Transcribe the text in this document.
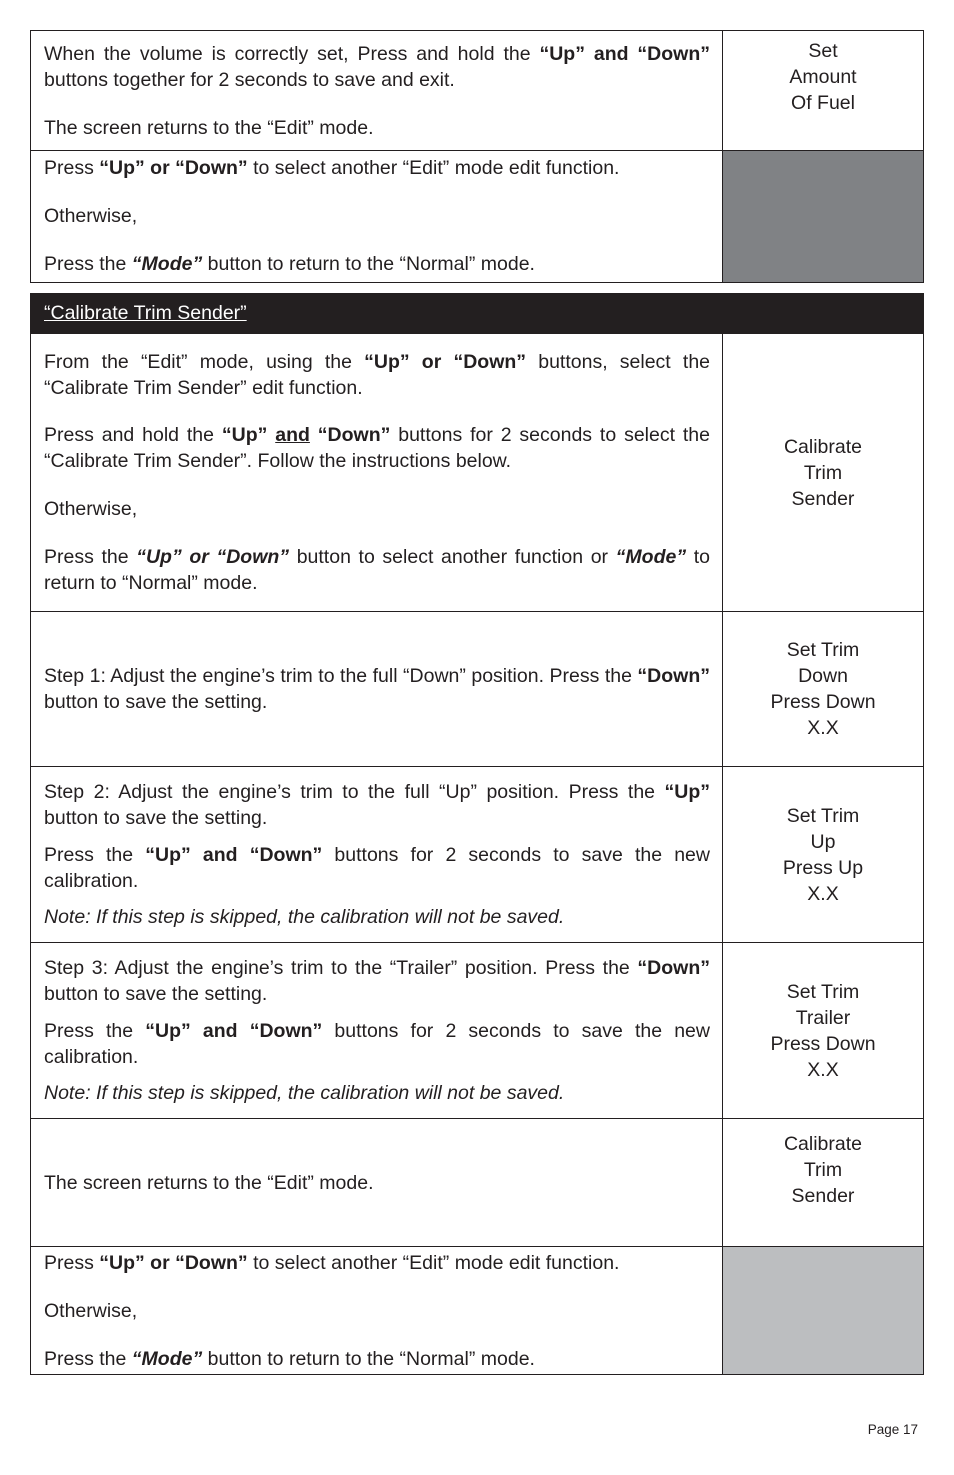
When the volume is correctly set, Press and hold the “Up” and “Down” buttons together for 2 seconds to save and exit.

The screen returns to the “Edit” mode.

Set
Amount
Of Fuel

Press “Up” or “Down” to select another “Edit” mode edit function.

Otherwise,

Press the “Mode” button to return to the “Normal” mode.

“Calibrate Trim Sender”

From the “Edit” mode, using the “Up” or “Down” buttons, select the “Calibrate Trim Sender” edit function.

Press and hold the “Up” and “Down” buttons for 2 seconds to select the “Calibrate Trim Sender”. Follow the instructions below.

Otherwise,

Press the “Up” or “Down” button to select another function or “Mode” to return to “Normal” mode.

Calibrate
Trim
Sender

Step 1: Adjust the engine’s trim to the full “Down” position. Press the “Down” button to save the setting.

Set Trim
Down
Press Down
X.X

Step 2: Adjust the engine’s trim to the full “Up” position. Press the “Up” button to save the setting.

Press the “Up” and “Down” buttons for 2 seconds to save the new calibration.

Note: If this step is skipped, the calibration will not be saved.

Set Trim
Up
Press Up
X.X

Step 3: Adjust the engine’s trim to the “Trailer” position. Press the “Down” button to save the setting.

Press the “Up” and “Down” buttons for 2 seconds to save the new calibration.

Note: If this step is skipped, the calibration will not be saved.

Set Trim
Trailer
Press Down
X.X

The screen returns to the “Edit” mode.

Calibrate
Trim
Sender

Press “Up” or “Down” to select another “Edit” mode edit function.

Otherwise,

Press the “Mode” button to return to the “Normal” mode.

Page 17
